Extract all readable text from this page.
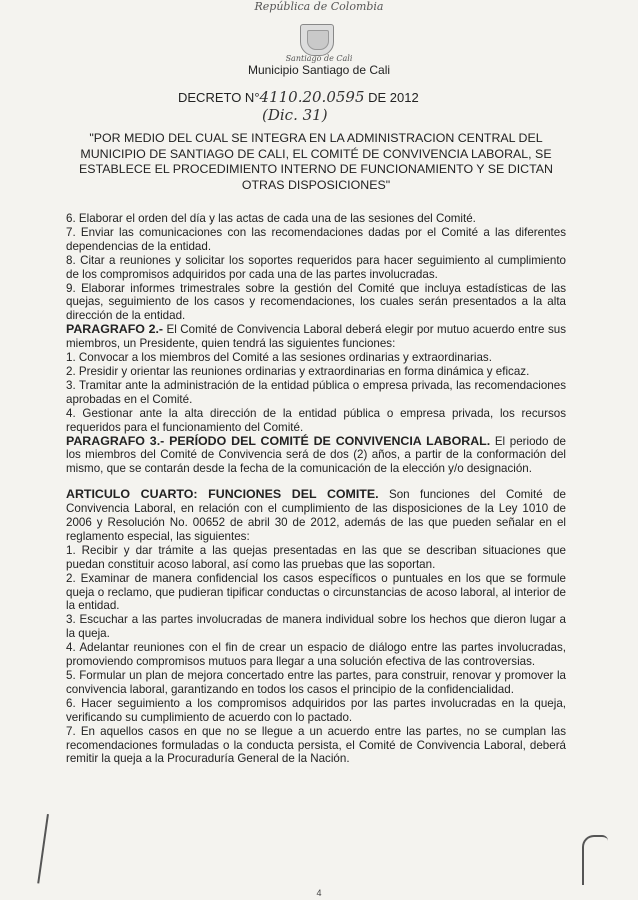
República de Colombia
Santiago de Cali
Municipio Santiago de Cali
DECRETO N°4110.20.0595 DE 2012
(Dic. 31)
"POR MEDIO DEL CUAL SE INTEGRA EN LA ADMINISTRACION CENTRAL DEL MUNICIPIO DE SANTIAGO DE CALI, EL COMITÉ DE CONVIVENCIA LABORAL, SE ESTABLECE EL PROCEDIMIENTO INTERNO DE FUNCIONAMIENTO Y SE DICTAN OTRAS DISPOSICIONES"

6. Elaborar el orden del día y las actas de cada una de las sesiones del Comité.

7. Enviar las comunicaciones con las recomendaciones dadas por el Comité a las diferentes dependencias de la entidad.

8. Citar a reuniones y solicitar los soportes requeridos para hacer seguimiento al cumplimiento de los compromisos adquiridos por cada una de las partes involucradas.

9. Elaborar informes trimestrales sobre la gestión del Comité que incluya estadísticas de las quejas, seguimiento de los casos y recomendaciones, los cuales serán presentados a la alta dirección de la entidad.

PARAGRAFO 2.- El Comité de Convivencia Laboral deberá elegir por mutuo acuerdo entre sus miembros, un Presidente, quien tendrá las siguientes funciones:

1. Convocar a los miembros del Comité a las sesiones ordinarias y extraordinarias.

2. Presidir y orientar las reuniones ordinarias y extraordinarias en forma dinámica y eficaz.

3. Tramitar ante la administración de la entidad pública o empresa privada, las recomendaciones aprobadas en el Comité.

4. Gestionar ante la alta dirección de la entidad pública o empresa privada, los recursos requeridos para el funcionamiento del Comité.

PARAGRAFO 3.- PERÍODO DEL COMITÉ DE CONVIVENCIA LABORAL. El periodo de los miembros del Comité de Convivencia será de dos (2) años, a partir de la conformación del mismo, que se contarán desde la fecha de la comunicación de la elección y/o designación.

ARTICULO CUARTO: FUNCIONES DEL COMITE. Son funciones del Comité de Convivencia Laboral, en relación con el cumplimiento de las disposiciones de la Ley 1010 de 2006 y Resolución No. 00652 de abril 30 de 2012, además de las que pueden señalar en el reglamento especial, las siguientes:

1. Recibir y dar trámite a las quejas presentadas en las que se describan situaciones que puedan constituir acoso laboral, así como las pruebas que las soportan.

2. Examinar de manera confidencial los casos específicos o puntuales en los que se formule queja o reclamo, que pudieran tipificar conductas o circunstancias de acoso laboral, al interior de la entidad.

3. Escuchar a las partes involucradas de manera individual sobre los hechos que dieron lugar a la queja.

4. Adelantar reuniones con el fin de crear un espacio de diálogo entre las partes involucradas, promoviendo compromisos mutuos para llegar a una solución efectiva de las controversias.

5. Formular un plan de mejora concertado entre las partes, para construir, renovar y promover la convivencia laboral, garantizando en todos los casos el principio de la confidencialidad.

6. Hacer seguimiento a los compromisos adquiridos por las partes involucradas en la queja, verificando su cumplimiento de acuerdo con lo pactado.

7. En aquellos casos en que no se llegue a un acuerdo entre las partes, no se cumplan las recomendaciones formuladas o la conducta persista, el Comité de Convivencia Laboral, deberá remitir la queja a la Procuraduría General de la Nación.

4
